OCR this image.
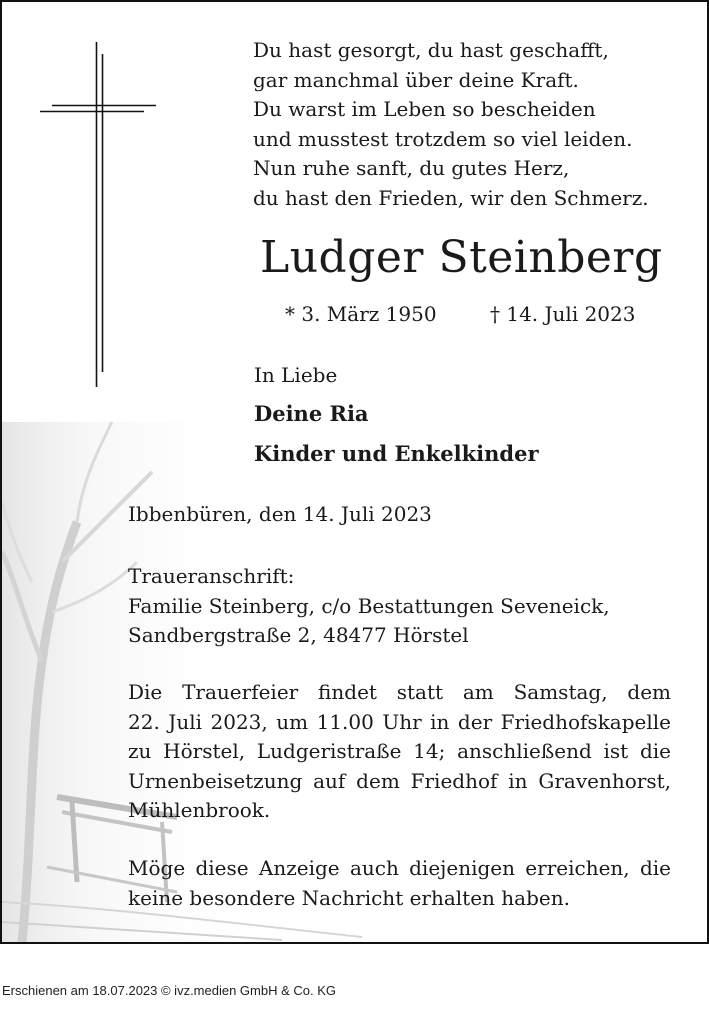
Du hast gesorgt, du hast geschafft,
gar manchmal über deine Kraft.
Du warst im Leben so bescheiden
und musstest trotzdem so viel leiden.
Nun ruhe sanft, du gutes Herz,
du hast den Frieden, wir den Schmerz.
Ludger Steinberg
* 3. März 1950	† 14. Juli 2023
In Liebe
Deine Ria
Kinder und Enkelkinder
Ibbenbüren, den 14. Juli 2023
Traueranschrift:
Familie Steinberg, c/o Bestattungen Seveneick,
Sandbergstraße 2, 48477 Hörstel
Die Trauerfeier findet statt am Samstag, dem
22. Juli 2023, um 11.00 Uhr in der Friedhofskapelle
zu Hörstel, Ludgeristraße 14; anschließend ist die
Urnenbeisetzung auf dem Friedhof in Gravenhorst,
Mühlenbrook.
Möge diese Anzeige auch diejenigen erreichen, die
keine besondere Nachricht erhalten haben.
Erschienen am 18.07.2023 © ivz.medien GmbH & Co. KG
